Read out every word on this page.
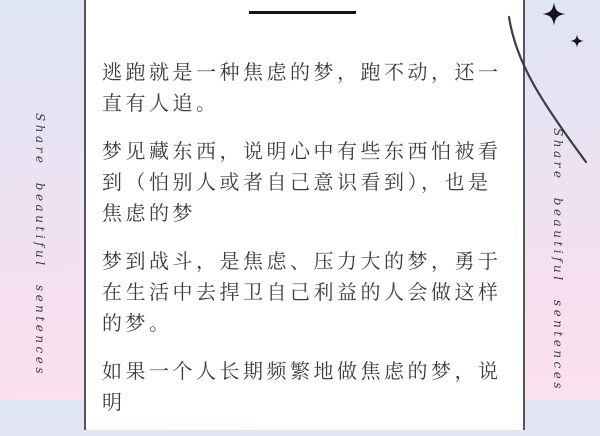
逃跑就是一种焦虑的梦，跑不动，还一直有人追。

梦见藏东西，说明心中有些东西怕被看到（怕别人或者自己意识看到），也是焦虑的梦

梦到战斗，是焦虑、压力大的梦，勇于在生活中去捍卫自己利益的人会做这样的梦。

如果一个人长期频繁地做焦虑的梦，说明

Share beautiful sentences	Share beautiful sentences
